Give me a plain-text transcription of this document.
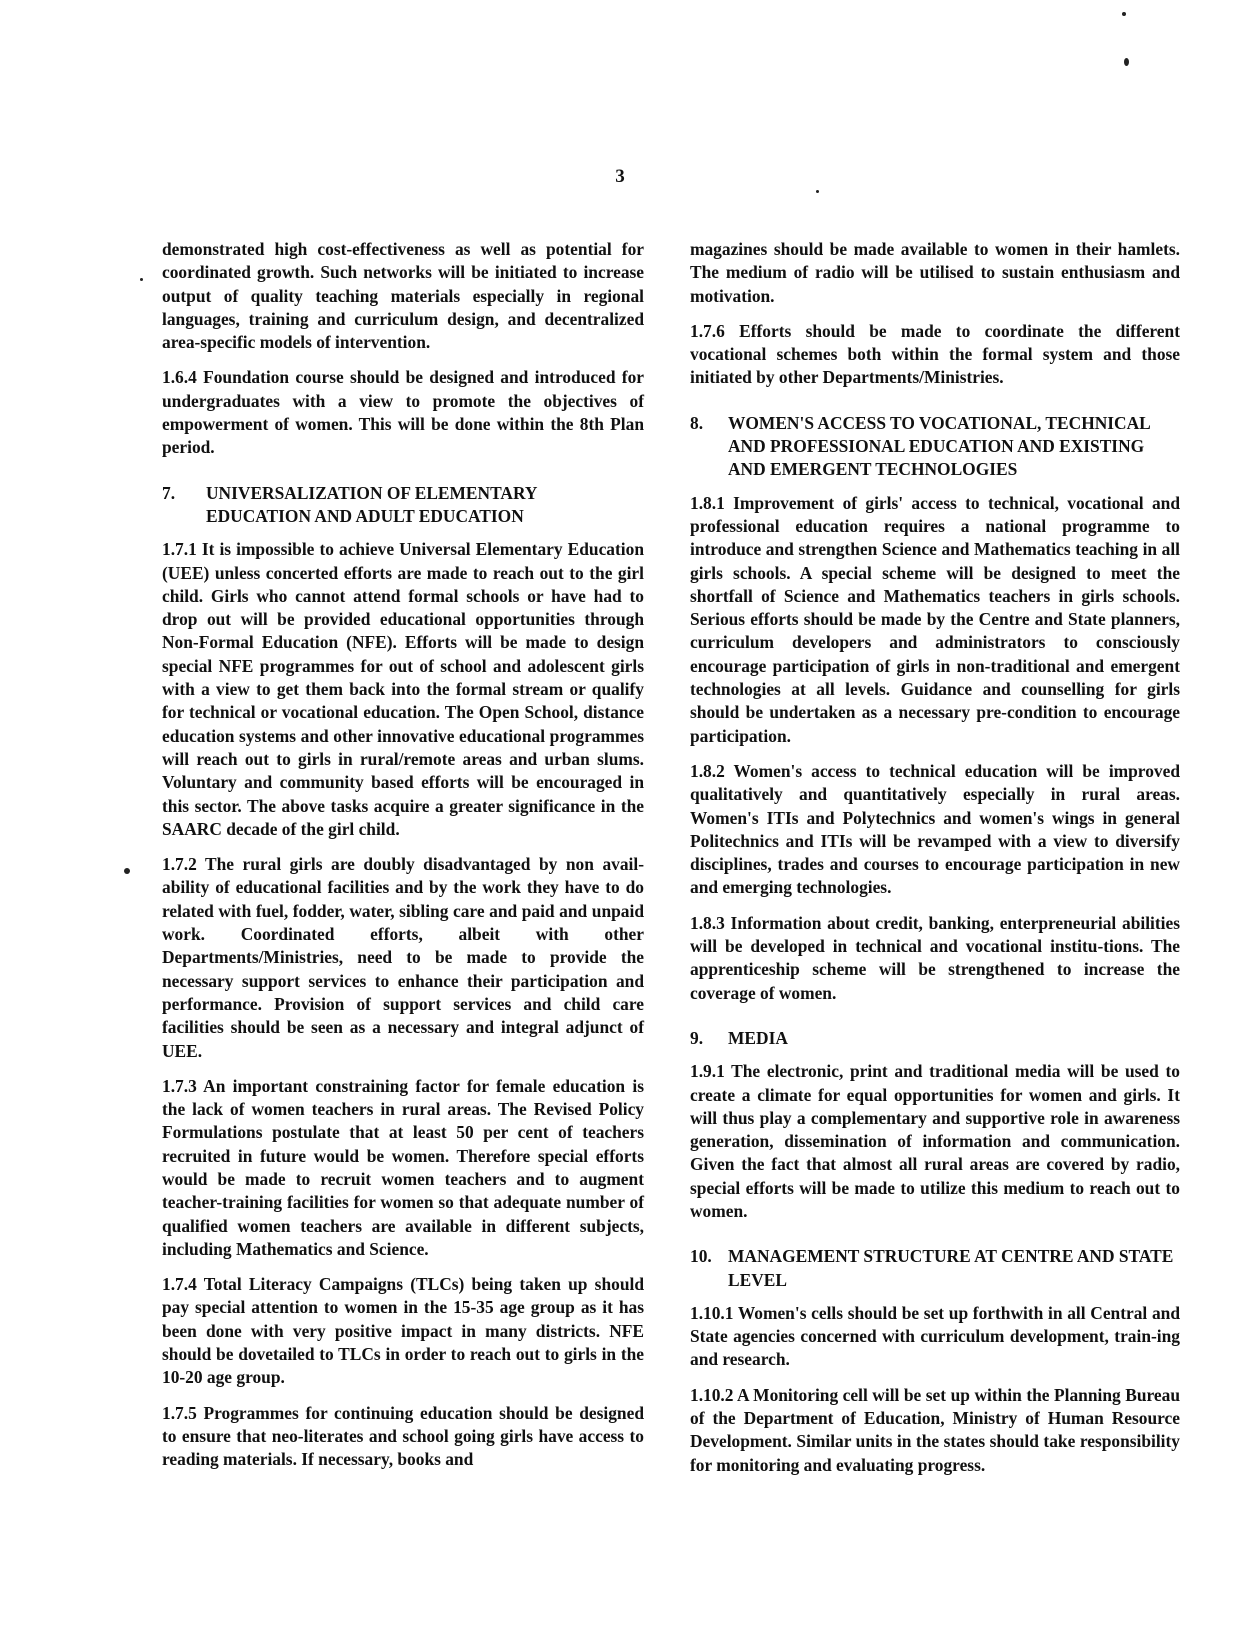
3

demonstrated high cost-effectiveness as well as potential for coordinated growth. Such networks will be initiated to increase output of quality teaching materials especially in regional languages, training and curriculum design, and decentralized area-specific models of intervention.

1.6.4 Foundation course should be designed and introduced for undergraduates with a view to promote the objectives of empowerment of women. This will be done within the 8th Plan period.

7.	UNIVERSALIZATION OF ELEMENTARY EDUCATION AND ADULT EDUCATION

1.7.1 It is impossible to achieve Universal Elementary Education (UEE) unless concerted efforts are made to reach out to the girl child. Girls who cannot attend formal schools or have had to drop out will be provided educational opportunities through Non-Formal Education (NFE). Efforts will be made to design special NFE programmes for out of school and adolescent girls with a view to get them back into the formal stream or qualify for technical or vocational education. The Open School, distance education systems and other innovative educational programmes will reach out to girls in rural/remote areas and urban slums. Voluntary and community based efforts will be encouraged in this sector. The above tasks acquire a greater significance in the SAARC decade of the girl child.

1.7.2 The rural girls are doubly disadvantaged by non avail-ability of educational facilities and by the work they have to do related with fuel, fodder, water, sibling care and paid and unpaid work. Coordinated efforts, albeit with other Departments/Ministries, need to be made to provide the necessary support services to enhance their participation and performance. Provision of support services and child care facilities should be seen as a necessary and integral adjunct of UEE.

1.7.3 An important constraining factor for female education is the lack of women teachers in rural areas. The Revised Policy Formulations postulate that at least 50 per cent of teachers recruited in future would be women. Therefore special efforts would be made to recruit women teachers and to augment teacher-training facilities for women so that adequate number of qualified women teachers are available in different subjects, including Mathematics and Science.

1.7.4 Total Literacy Campaigns (TLCs) being taken up should pay special attention to women in the 15-35 age group as it has been done with very positive impact in many districts. NFE should be dovetailed to TLCs in order to reach out to girls in the 10-20 age group.

1.7.5 Programmes for continuing education should be designed to ensure that neo-literates and school going girls have access to reading materials. If necessary, books and

magazines should be made available to women in their hamlets. The medium of radio will be utilised to sustain enthusiasm and motivation.

1.7.6 Efforts should be made to coordinate the different vocational schemes both within the formal system and those initiated by other Departments/Ministries.

8.	WOMEN'S ACCESS TO VOCATIONAL, TECHNICAL AND PROFESSIONAL EDUCATION AND EXISTING AND EMERGENT TECHNOLOGIES

1.8.1 Improvement of girls' access to technical, vocational and professional education requires a national programme to introduce and strengthen Science and Mathematics teaching in all girls schools. A special scheme will be designed to meet the shortfall of Science and Mathematics teachers in girls schools. Serious efforts should be made by the Centre and State planners, curriculum developers and administrators to consciously encourage participation of girls in non-traditional and emergent technologies at all levels. Guidance and counselling for girls should be undertaken as a necessary pre-condition to encourage participation.

1.8.2 Women's access to technical education will be improved qualitatively and quantitatively especially in rural areas. Women's ITIs and Polytechnics and women's wings in general Politechnics and ITIs will be revamped with a view to diversify disciplines, trades and courses to encourage participation in new and emerging technologies.

1.8.3 Information about credit, banking, enterpreneurial abilities will be developed in technical and vocational institu-tions. The apprenticeship scheme will be strengthened to increase the coverage of women.

9.	MEDIA

1.9.1 The electronic, print and traditional media will be used to create a climate for equal opportunities for women and girls. It will thus play a complementary and supportive role in awareness generation, dissemination of information and communication. Given the fact that almost all rural areas are covered by radio, special efforts will be made to utilize this medium to reach out to women.

10. MANAGEMENT STRUCTURE AT CENTRE AND STATE LEVEL

1.10.1 Women's cells should be set up forthwith in all Central and State agencies concerned with curriculum development, train-ing and research.

1.10.2 A Monitoring cell will be set up within the Planning Bureau of the Department of Education, Ministry of Human Resource Development. Similar units in the states should take responsibility for monitoring and evaluating progress.
